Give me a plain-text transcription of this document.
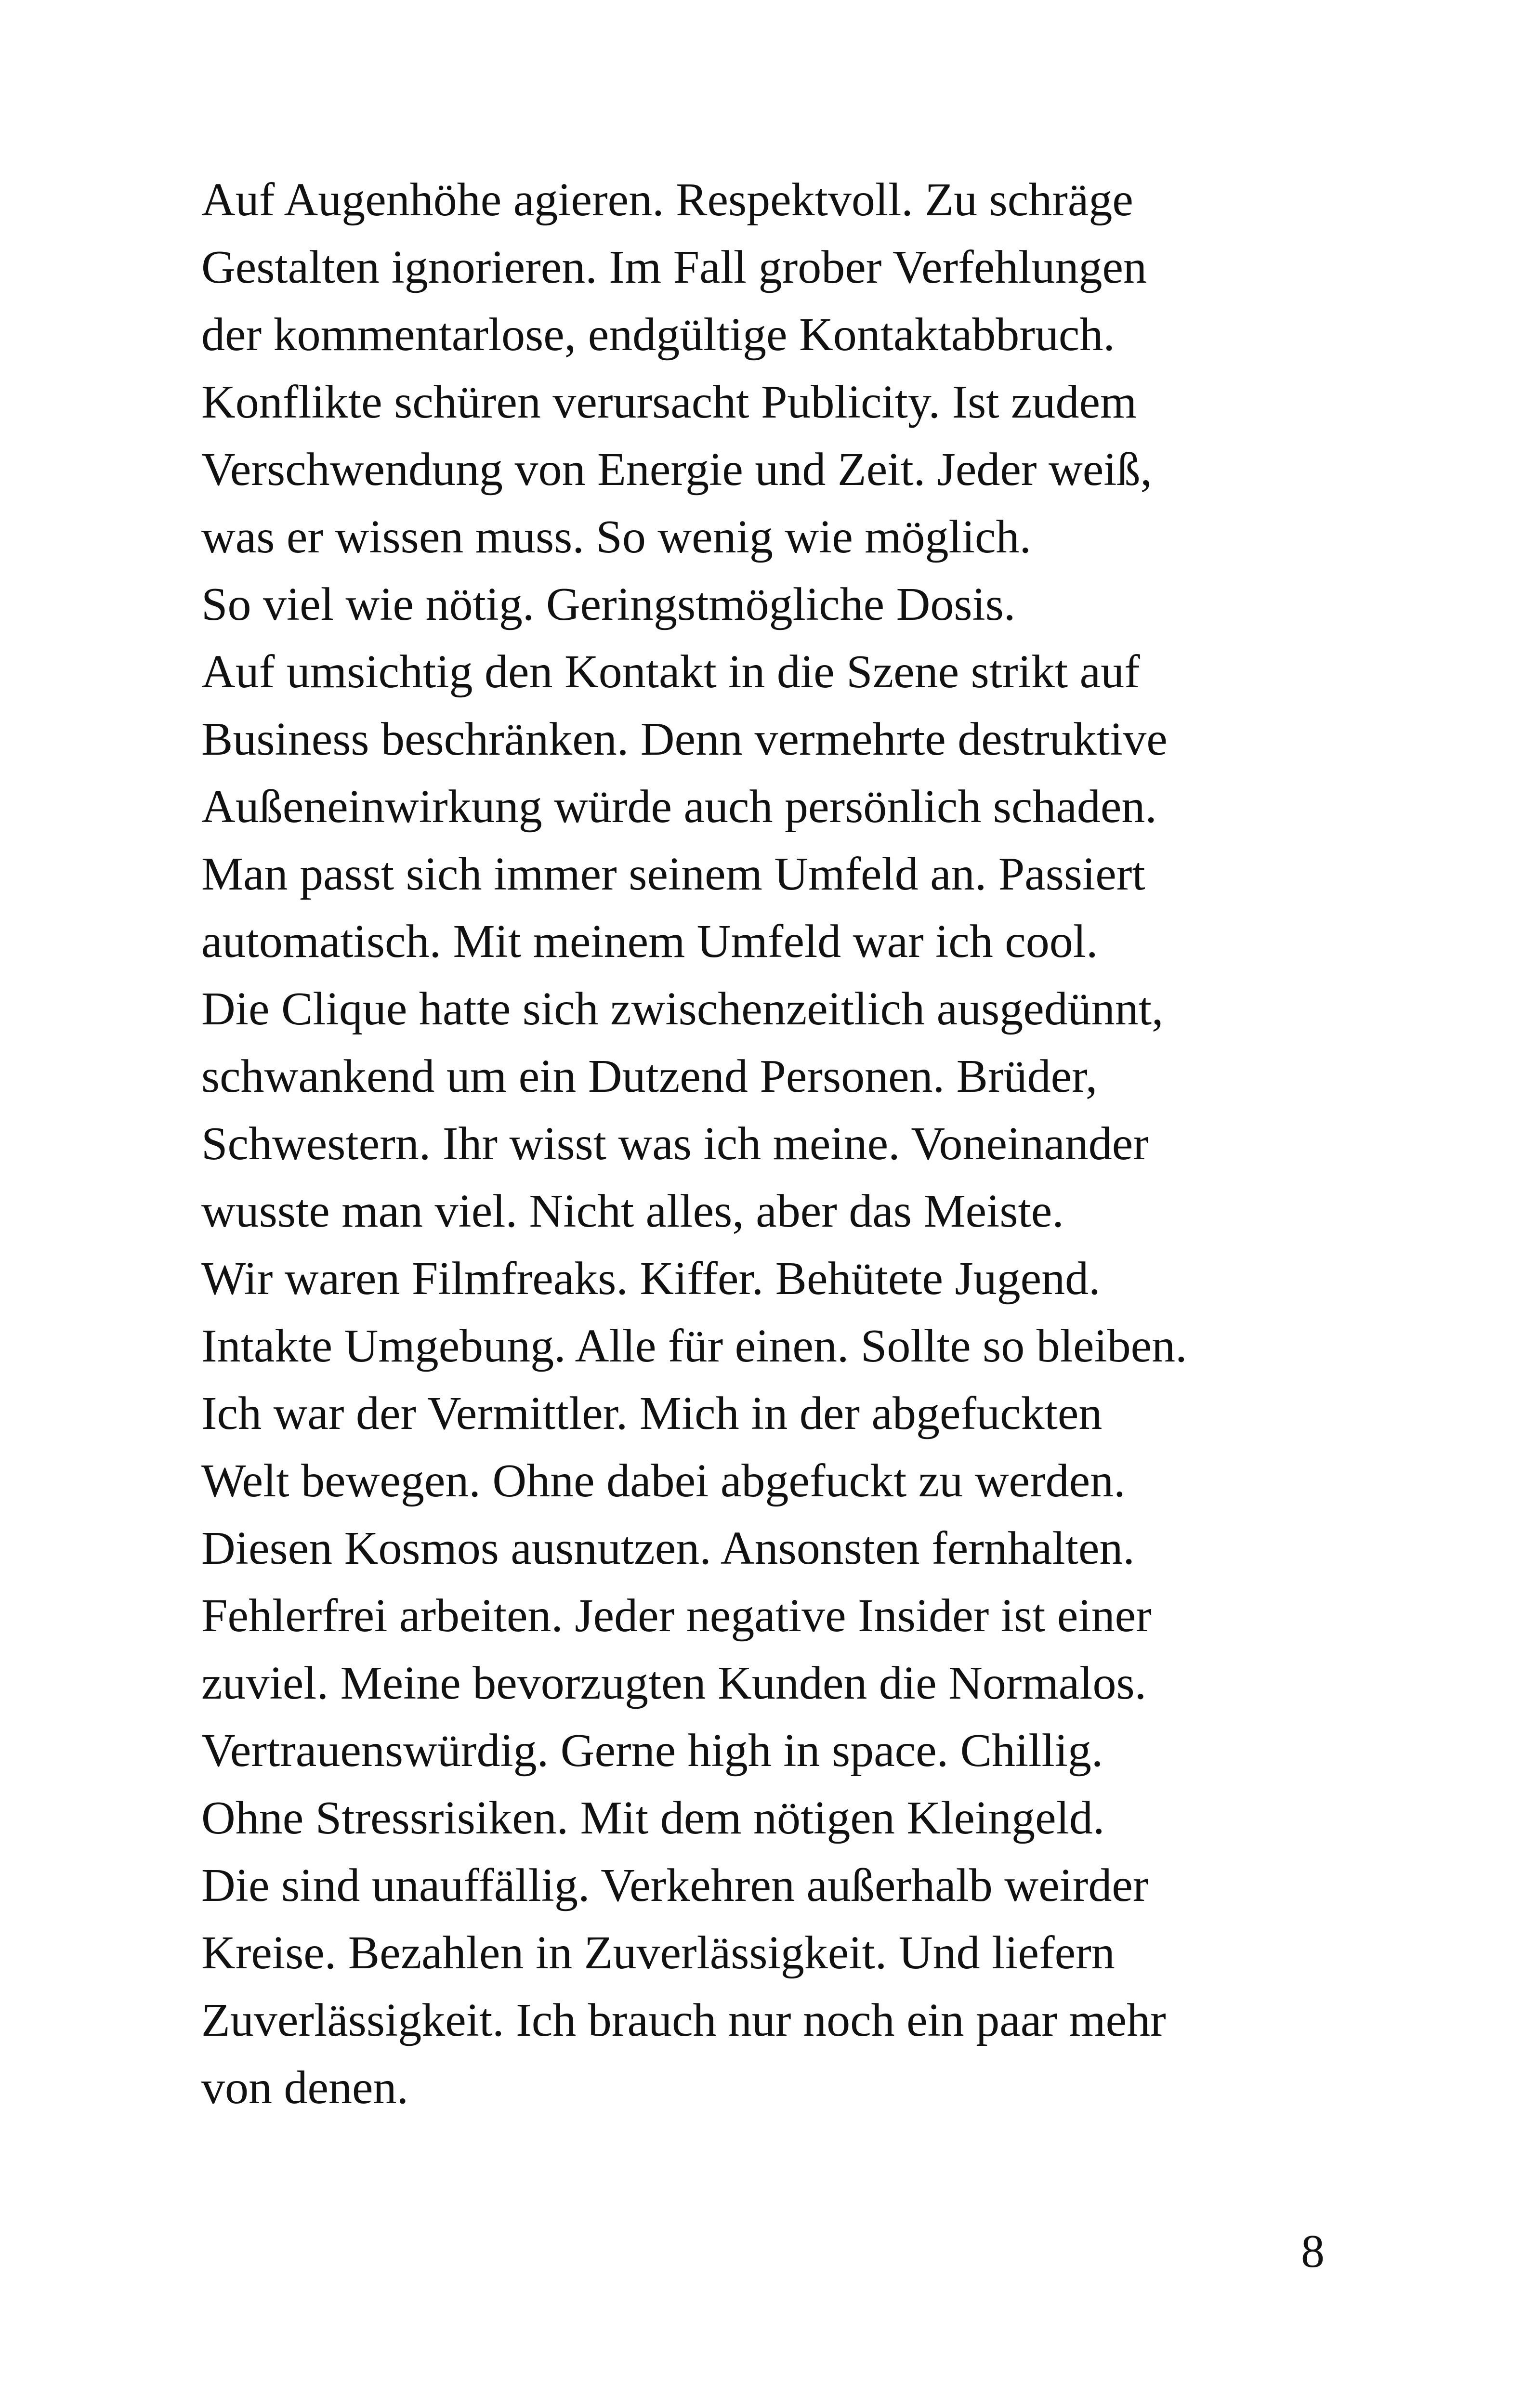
Auf Augenhöhe agieren. Respektvoll. Zu schräge
Gestalten ignorieren. Im Fall grober Verfehlungen
der kommentarlose, endgültige Kontaktabbruch.
Konflikte schüren verursacht Publicity. Ist zudem
Verschwendung von Energie und Zeit. Jeder weiß,
was er wissen muss. So wenig wie möglich.
So viel wie nötig. Geringstmögliche Dosis.
Auf umsichtig den Kontakt in die Szene strikt auf
Business beschränken. Denn vermehrte destruktive
Außeneinwirkung würde auch persönlich schaden.
Man passt sich immer seinem Umfeld an. Passiert
automatisch. Mit meinem Umfeld war ich cool.
Die Clique hatte sich zwischenzeitlich ausgedünnt,
schwankend um ein Dutzend Personen. Brüder,
Schwestern. Ihr wisst was ich meine. Voneinander
wusste man viel. Nicht alles, aber das Meiste.
Wir waren Filmfreaks. Kiffer. Behütete Jugend.
Intakte Umgebung. Alle für einen. Sollte so bleiben.
Ich war der Vermittler. Mich in der abgefuckten
Welt bewegen. Ohne dabei abgefuckt zu werden.
Diesen Kosmos ausnutzen. Ansonsten fernhalten.
Fehlerfrei arbeiten. Jeder negative Insider ist einer
zuviel. Meine bevorzugten Kunden die Normalos.
Vertrauenswürdig. Gerne high in space. Chillig.
Ohne Stressrisiken. Mit dem nötigen Kleingeld.
Die sind unauffällig. Verkehren außerhalb weirder
Kreise. Bezahlen in Zuverlässigkeit. Und liefern
Zuverlässigkeit. Ich brauch nur noch ein paar mehr
von denen.
8
